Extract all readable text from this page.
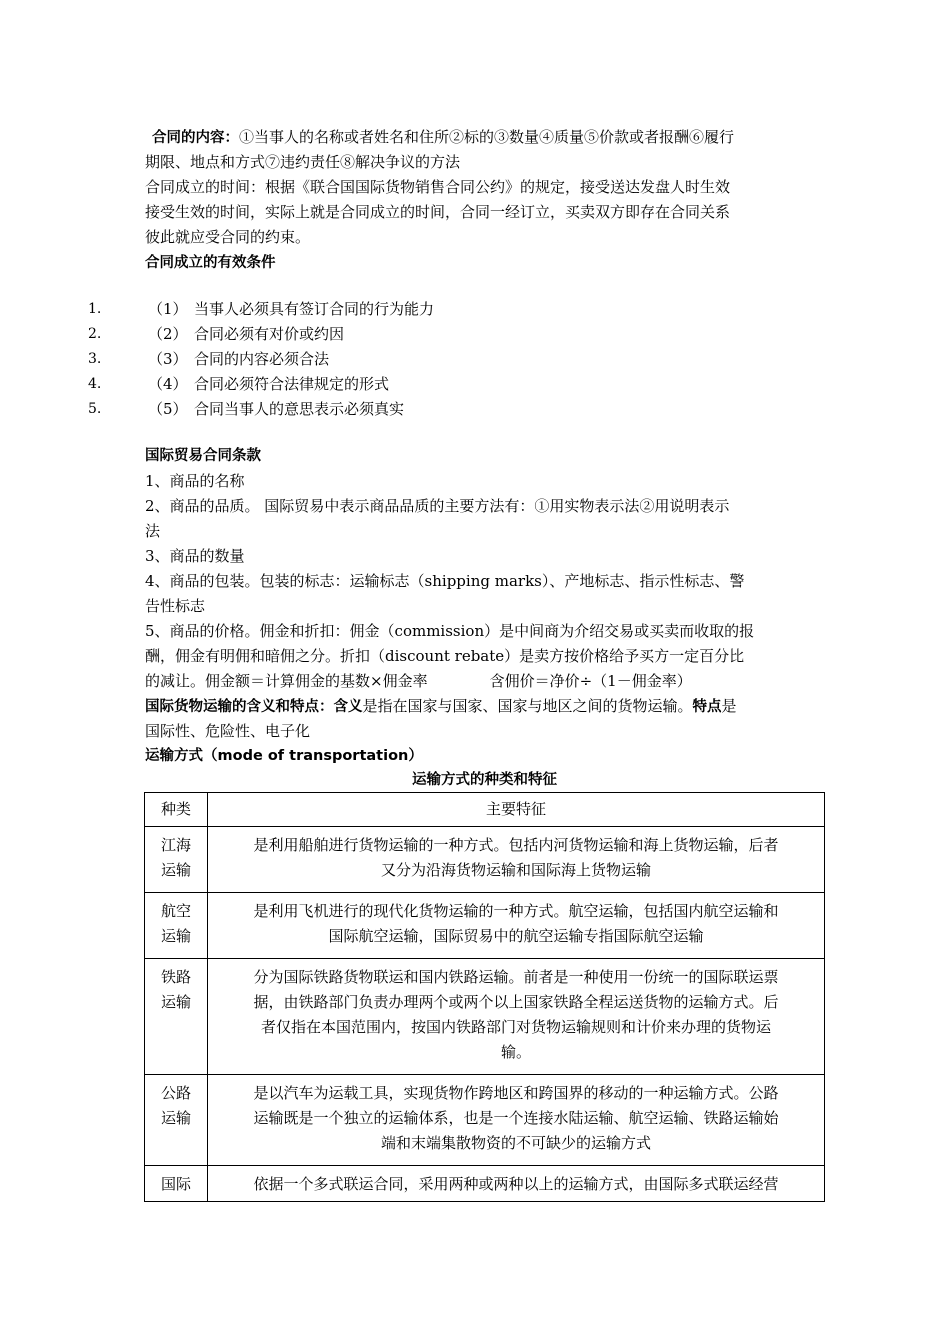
合同的内容：①当事人的名称或者姓名和住所②标的③数量④质量⑤价款或者报酬⑥履行
期限、地点和方式⑦违约责任⑧解决争议的方法
合同成立的时间：根据《联合国国际货物销售合同公约》的规定，接受送达发盘人时生效
接受生效的时间，实际上就是合同成立的时间，合同一经订立，买卖双方即存在合同关系
彼此就应受合同的约束。
合同成立的有效条件
1.	（1） 当事人必须具有签订合同的行为能力
2.	（2） 合同必须有对价或约因
3.	（3） 合同的内容必须合法
4.	（4） 合同必须符合法律规定的形式
5.	（5） 合同当事人的意思表示必须真实
国际贸易合同条款
1、商品的名称
2、商品的品质。 国际贸易中表示商品品质的主要方法有：①用实物表示法②用说明表示
法
3、商品的数量
4、商品的包装。包装的标志：运输标志（shipping marks）、产地标志、指示性标志、警
告性标志
5、商品的价格。佣金和折扣：佣金（commission）是中间商为介绍交易或买卖而收取的报
酬，佣金有明佣和暗佣之分。折扣（discount rebate）是卖方按价格给予买方一定百分比
的减让。佣金额＝计算佣金的基数×佣金率	含佣价＝净价÷（1－佣金率）
国际货物运输的含义和特点：含义是指在国家与国家、国家与地区之间的货物运输。特点是
国际性、危险性、电子化
运输方式（mode of transportation）
运输方式的种类和特征
种类	主要特征

江海
运输	是利用船舶进行货物运输的一种方式。包括内河货物运输和海上货物运输，后者
又分为沿海货物运输和国际海上货物运输

航空
运输	是利用飞机进行的现代化货物运输的一种方式。航空运输，包括国内航空运输和
国际航空运输，国际贸易中的航空运输专指国际航空运输

铁路
运输	分为国际铁路货物联运和国内铁路运输。前者是一种使用一份统一的国际联运票
据，由铁路部门负责办理两个或两个以上国家铁路全程运送货物的运输方式。后
者仅指在本国范围内，按国内铁路部门对货物运输规则和计价来办理的货物运
输。

公路
运输	是以汽车为运载工具，实现货物作跨地区和跨国界的移动的一种运输方式。公路
运输既是一个独立的运输体系，也是一个连接水陆运输、航空运输、铁路运输始
端和末端集散物资的不可缺少的运输方式

国际	依据一个多式联运合同，采用两种或两种以上的运输方式，由国际多式联运经营
